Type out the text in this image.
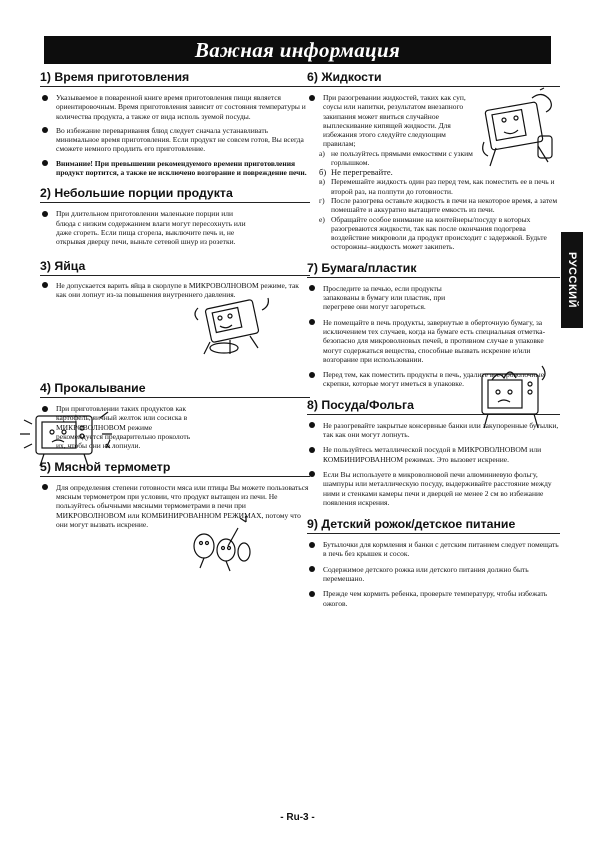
Важная информация
РУССКИЙ
1) Время приготовления
Указываемое в поваренной книге время приготовления пищи является ориентировочным. Время приготовления зависит от состояния температуры и количества продукта, а также от вида исполь зуемой посуды.
Во избежание переваривания блюд следует сначала устанавливать минимальное время приготовления. Если продукт не совсем готов, Вы всегда сможете немного продлить его приготовление.
Внимание! При превышении рекомендуемого времени приготовления продукт портится, а также не исключено возгорание и повреждение печи.
2) Небольшие порции продукта
При длительном приготовлении маленькие порции или блюда с низким содержанием влаги могут пересохнуть или даже сгореть. Если пища сгорела, выключите печь и, не открывая дверцу печи, выньте сетевой шнур из розетки.
3) Яйца
Не допускается варить яйца в скорлупе в МИКРОВОЛНОВОМ режиме, так как они лопнут из-за повышения внутреннего давления.
4) Прокалывание
При приготовлении таких продуктов как картофель, яичный желток или сосиска в МИКРОВОЛНОВОМ режиме рекомендуется предварительно проколоть их, чтобы они не лопнули.
5) Мясной термометр
Для определения степени готовности мяса или птицы Вы можете пользоваться мясным термометром при условии, что продукт вытащен из печи. Не пользуйтесь обычными мясными термометрами в печи при МИКРОВОЛНОВОМ или КОМБИНИРОВАННОМ РЕЖИМАХ, потому что они могут вызвать искрение.
6) Жидкости
При разогревании жидкостей, таких как суп, соусы или напитки, результатом внезапного закипания может явиться случайное выплескивание кипящей жидкости. Для избежания этого следуйте следующим правилам;
а) не пользуйтесь прямыми емкостями с узким горлышком.
б) Не перегревайте.
в) Перемешайте жидкость один раз перед тем, как поместить ее в печь и второй раз, на полпути до готовности.
г) После разогрева оставьте жидкость в печи на некоторое время, а затем помешайте и аккуратно вытащите емкость из печи.
е) Обращайте особое внимание на контейнеры/посуду в которых разогреваются жидкости, так как после окончания подогрева воздействие микроволи да продукт происходит с задержкой. Будьте осторожны–жидкость может закипеть.
7) Бумага/пластик
Проследите за печью, если продукты запакованы в бумагу или пластик, при перегреве они могут загореться.
Не помещайте в печь продукты, завернутые в оберточную бумагу, за исключением тех случаев, когда на бумаге есть специальная отметка-безопасно для микроволновых печей, в противном случае в упаковке могут содержаться вещества, способные вызвать искрение и/или возгорание при использовании.
Перед тем, как поместить продукты в печь, удалите все проволочные скрепки, которые могут иметься в упаковке.
8) Посуда/Фольга
Не разогревайте закрытые консервные банки или закупоренные бутылки, так как они могут лопнуть.
Не пользуйтесь металлической посудой в МИКРОВОЛНОВОМ или КОМБИНИРОВАННОМ режимах. Это вызовет искрение.
Если Вы используете в микроволновой печи алюминиевую фольгу, шампуры или металлическую посуду, выдерживайте расстояние между ними и стенками камеры печи и дверцей не менее 2 см во избежание появления искрения.
9) Детский рожок/детское питание
Бутылочки для кормления и банки с детским питанием следует помещать в печь без крышек и сосок.
Содержимое детского рожка или детского питания должно быть перемешано.
Прежде чем кормить ребенка, проверьте температуру, чтобы избежать ожогов.
- Ru-3 -
